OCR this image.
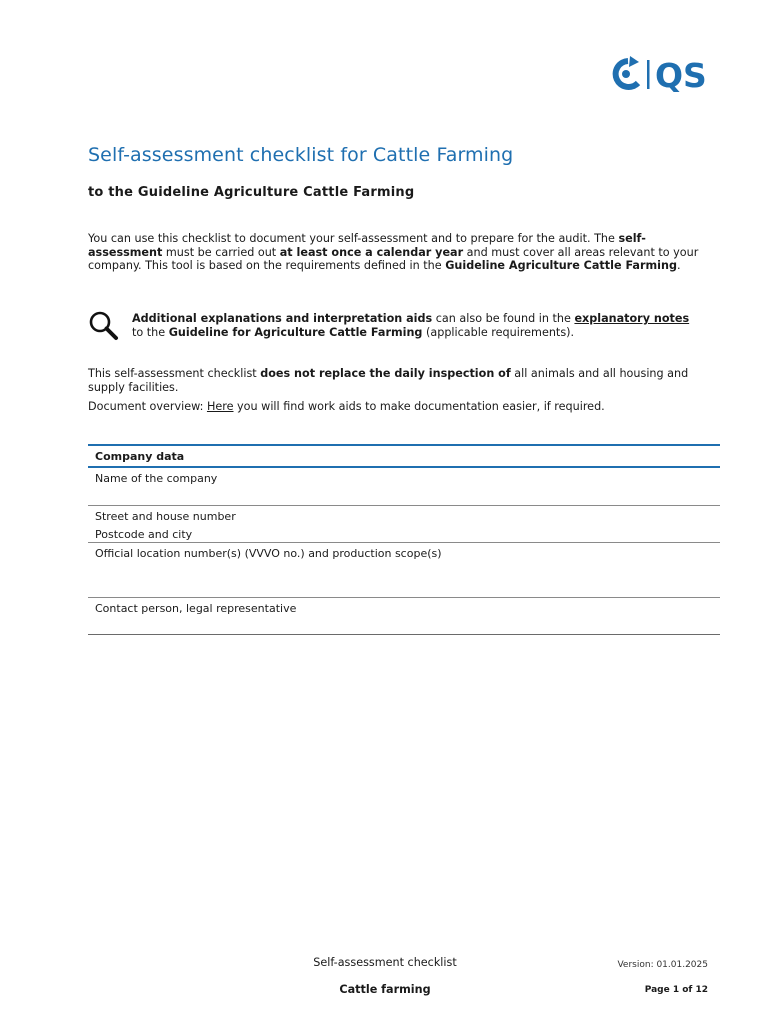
QS
Self-assessment checklist for Cattle Farming
to the Guideline Agriculture Cattle Farming

You can use this checklist to document your self-assessment and to prepare for the audit. The self-assessment must be carried out at least once a calendar year and must cover all areas relevant to your company. This tool is based on the requirements defined in the Guideline Agriculture Cattle Farming.

Additional explanations and interpretation aids can also be found in the explanatory notes
to the Guideline for Agriculture Cattle Farming (applicable requirements).

This self-assessment checklist does not replace the daily inspection of all animals and all housing and supply facilities.

Document overview: Here you will find work aids to make documentation easier, if required.

Company data
Name of the company
Street and house number
Postcode and city
Official location number(s) (VVVO no.) and production scope(s)
Contact person, legal representative
Self-assessment checklist
Cattle farming
Version: 01.01.2025
Page 1 of 12
